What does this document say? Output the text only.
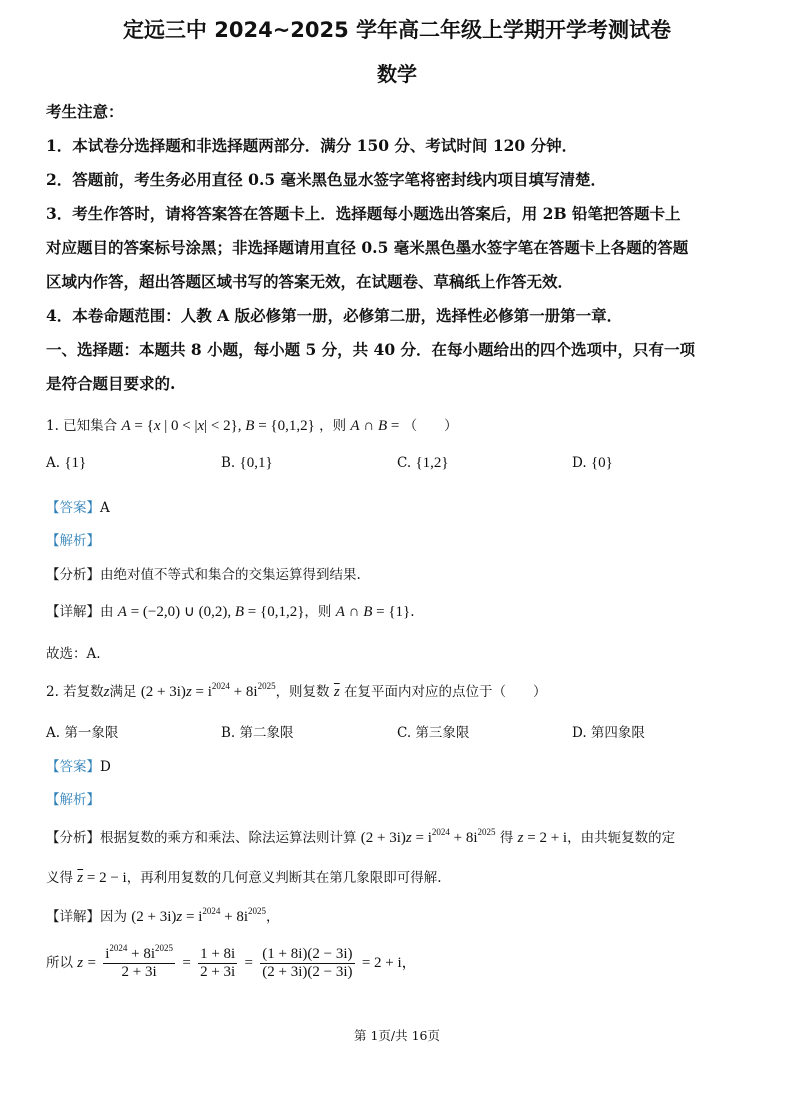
定远三中 2024~2025 学年高二年级上学期开学考测试卷
数学
考生注意：
1．本试卷分选择题和非选择题两部分．满分 150 分、考试时间 120 分钟．
2．答题前，考生务必用直径 0.5 毫米黑色显水签字笔将密封线内项目填写清楚．
3．考生作答时，请将答案答在答题卡上．选择题每小题选出答案后，用 2B 铅笔把答题卡上
对应题目的答案标号涂黑；非选择题请用直径 0.5 毫米黑色墨水签字笔在答题卡上各题的答题
区域内作答，超出答题区域书写的答案无效，在试题卷、草稿纸上作答无效．
4．本卷命题范围：人教 A 版必修第一册，必修第二册，选择性必修第一册第一章．
一、选择题：本题共 8 小题，每小题 5 分，共 40 分．在每小题给出的四个选项中，只有一项
是符合题目要求的.
1. 已知集合 A = {x | 0 < |x| < 2}, B = {0,1,2} ，则 A ∩ B = （　　）
A. {1}	B. {0,1}	C. {1,2}	D. {0}
【答案】A
【解析】
【分析】由绝对值不等式和集合的交集运算得到结果.
【详解】由 A = (−2,0) ∪ (0,2), B = {0,1,2}，则 A ∩ B = {1}.
故选：A.
2. 若复数z满足 $(2 + 3i)z = i^{2024} + 8i^{2025}$，则复数 $\overline{z}$ 在复平面内对应的点位于（　　）
A. 第一象限	B. 第二象限	C. 第三象限	D. 第四象限
【答案】D
【解析】
【分析】根据复数的乘方和乘法、除法运算法则计算 $(2 + 3i)z = i^{2024} + 8i^{2025}$ 得 z = 2 + i，由共轭复数的定
义得 $\overline{z} = 2 - i$，再利用复数的几何意义判断其在第几象限即可得解.
【详解】因为 $(2 + 3i)z = i^{2024} + 8i^{2025}$，
所以 $z = \frac{i^{2024} + 8i^{2025}}{2 + 3i} = \frac{1 + 8i}{2 + 3i} = \frac{(1 + 8i)(2 - 3i)}{(2 + 3i)(2 - 3i)} = 2 + i$，
第 1页/共 16页
